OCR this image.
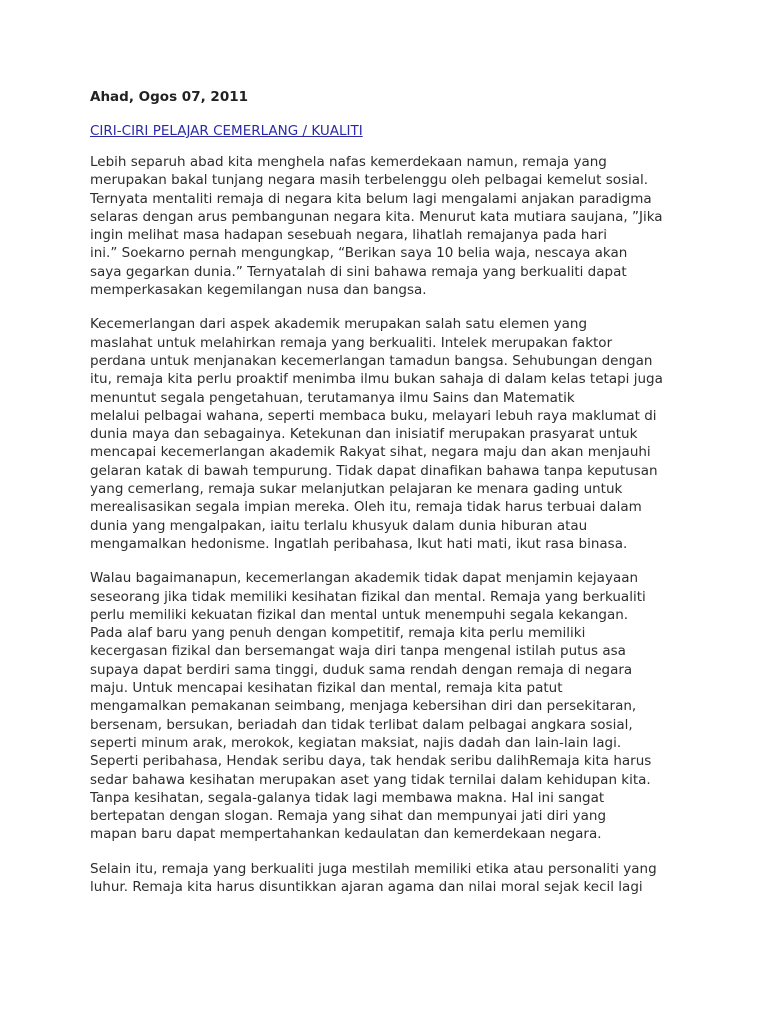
Ahad, Ogos 07, 2011
CIRI-CIRI PELAJAR CEMERLANG / KUALITI
Lebih separuh abad kita menghela nafas kemerdekaan namun, remaja yang
merupakan bakal tunjang negara masih terbelenggu oleh pelbagai kemelut sosial.
Ternyata mentaliti remaja di negara kita belum lagi mengalami anjakan paradigma
selaras dengan arus pembangunan negara kita. Menurut kata mutiara saujana, ”Jika
ingin melihat masa hadapan sesebuah negara, lihatlah remajanya pada hari
ini.” Soekarno pernah mengungkap, “Berikan saya 10 belia waja, nescaya akan
saya gegarkan dunia.” Ternyatalah di sini bahawa remaja yang berkualiti dapat
memperkasakan kegemilangan nusa dan bangsa.
Kecemerlangan dari aspek akademik merupakan salah satu elemen yang
maslahat untuk melahirkan remaja yang berkualiti. Intelek merupakan faktor
perdana untuk menjanakan kecemerlangan tamadun bangsa. Sehubungan dengan
itu, remaja kita perlu proaktif menimba ilmu bukan sahaja di dalam kelas tetapi juga
menuntut segala pengetahuan, terutamanya ilmu Sains dan Matematik
melalui pelbagai wahana, seperti membaca buku, melayari lebuh raya maklumat di
dunia maya dan sebagainya. Ketekunan dan inisiatif merupakan prasyarat untuk
mencapai kecemerlangan akademik Rakyat sihat, negara maju dan akan menjauhi
gelaran katak di bawah tempurung. Tidak dapat dinafikan bahawa tanpa keputusan
yang cemerlang, remaja sukar melanjutkan pelajaran ke menara gading untuk
merealisasikan segala impian mereka. Oleh itu, remaja tidak harus terbuai dalam
dunia yang mengalpakan, iaitu terlalu khusyuk dalam dunia hiburan atau
mengamalkan hedonisme. Ingatlah peribahasa, Ikut hati mati, ikut rasa binasa.
Walau bagaimanapun, kecemerlangan akademik tidak dapat menjamin kejayaan
seseorang jika tidak memiliki kesihatan fizikal dan mental. Remaja yang berkualiti
perlu memiliki kekuatan fizikal dan mental untuk menempuhi segala kekangan.
Pada alaf baru yang penuh dengan kompetitif, remaja kita perlu memiliki
kecergasan fizikal dan bersemangat waja diri tanpa mengenal istilah putus asa
supaya dapat berdiri sama tinggi, duduk sama rendah dengan remaja di negara
maju. Untuk mencapai kesihatan fizikal dan mental, remaja kita patut
mengamalkan pemakanan seimbang, menjaga kebersihan diri dan persekitaran,
bersenam, bersukan, beriadah dan tidak terlibat dalam pelbagai angkara sosial,
seperti minum arak, merokok, kegiatan maksiat, najis dadah dan lain-lain lagi.
Seperti peribahasa, Hendak seribu daya, tak hendak seribu dalihRemaja kita harus
sedar bahawa kesihatan merupakan aset yang tidak ternilai dalam kehidupan kita.
Tanpa kesihatan, segala-galanya tidak lagi membawa makna. Hal ini sangat
bertepatan dengan slogan. Remaja yang sihat dan mempunyai jati diri yang
mapan baru dapat mempertahankan kedaulatan dan kemerdekaan negara.
Selain itu, remaja yang berkualiti juga mestilah memiliki etika atau personaliti yang
luhur. Remaja kita harus disuntikkan ajaran agama dan nilai moral sejak kecil lagi
